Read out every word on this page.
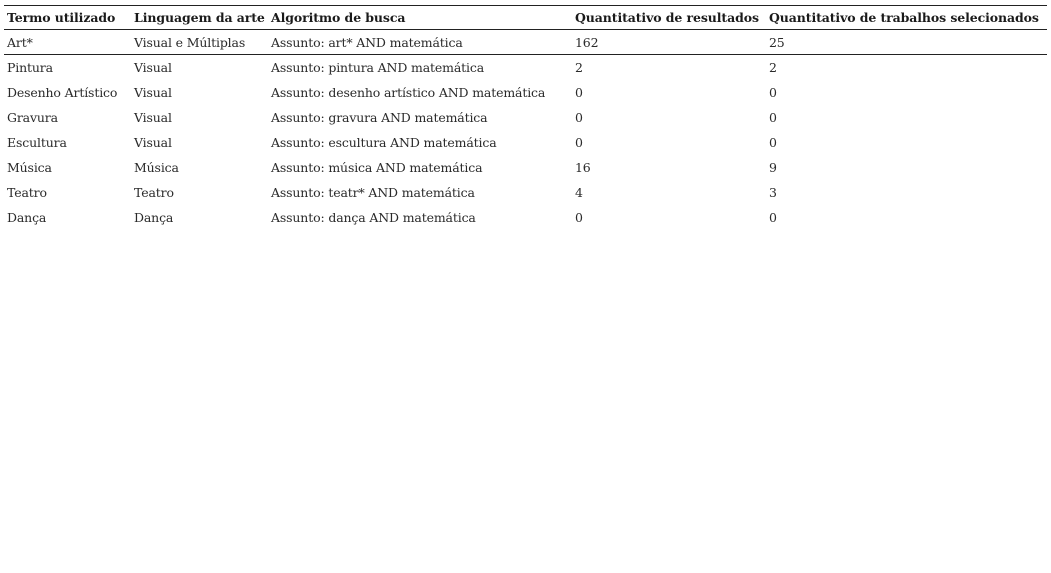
Termo utilizado	Linguagem da arte	Algoritmo de busca	Quantitativo de resultados	Quantitativo de trabalhos selecionados
Art*	Visual e Múltiplas	Assunto: art* AND matemática	162	25
Pintura	Visual	Assunto: pintura AND matemática	2	2
Desenho Artístico	Visual	Assunto: desenho artístico AND matemática	0	0
Gravura	Visual	Assunto: gravura AND matemática	0	0
Escultura	Visual	Assunto: escultura AND matemática	0	0
Música	Música	Assunto: música AND matemática	16	9
Teatro	Teatro	Assunto: teatr* AND matemática	4	3
Dança	Dança	Assunto: dança AND matemática	0	0
